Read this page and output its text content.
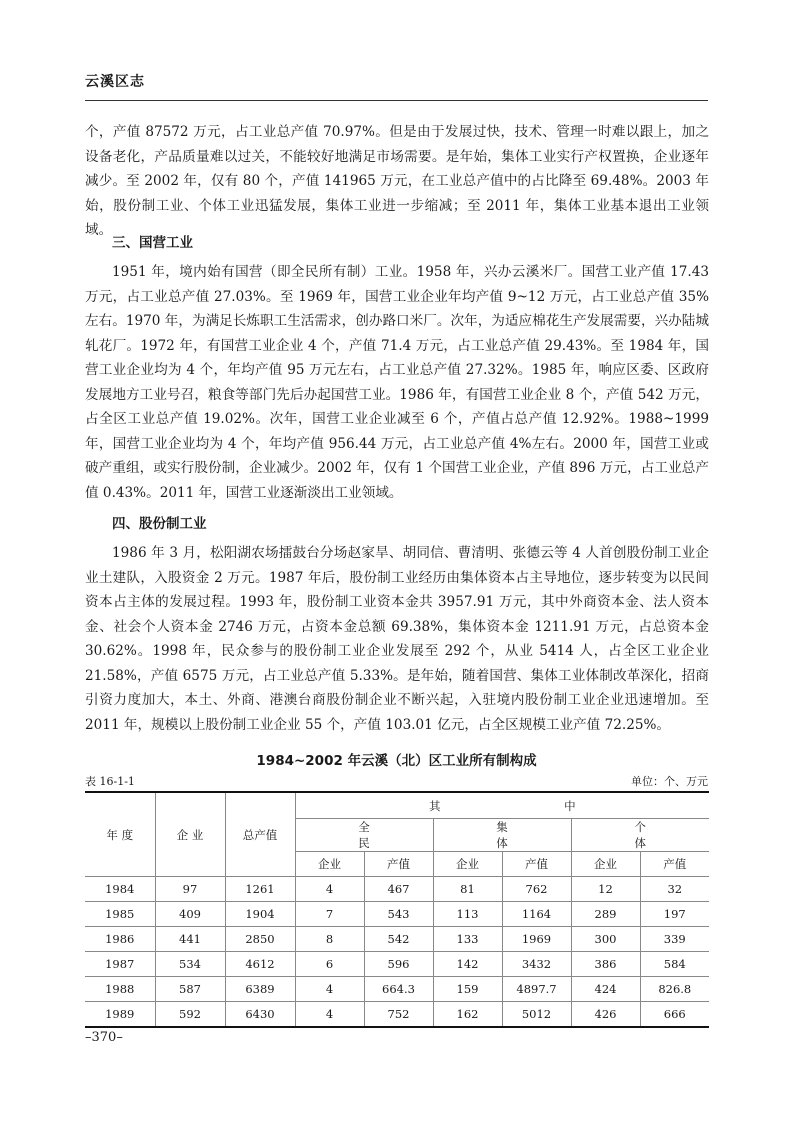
云溪区志
个，产值 87572 万元，占工业总产值 70.97%。但是由于发展过快，技术、管理一时难以跟上，加之设备老化，产品质量难以过关，不能较好地满足市场需要。是年始，集体工业实行产权置换，企业逐年减少。至 2002 年，仅有 80 个，产值 141965 万元，在工业总产值中的占比降至 69.48%。2003 年始，股份制工业、个体工业迅猛发展，集体工业进一步缩减；至 2011 年，集体工业基本退出工业领域。
三、国营工业
1951 年，境内始有国营（即全民所有制）工业。1958 年，兴办云溪米厂。国营工业产值 17.43 万元，占工业总产值 27.03%。至 1969 年，国营工业企业年均产值 9~12 万元，占工业总产值 35%左右。1970 年，为满足长炼职工生活需求，创办路口米厂。次年，为适应棉花生产发展需要，兴办陆城轧花厂。1972 年，有国营工业企业 4 个，产值 71.4 万元，占工业总产值 29.43%。至 1984 年，国营工业企业均为 4 个，年均产值 95 万元左右，占工业总产值 27.32%。1985 年，响应区委、区政府发展地方工业号召，粮食等部门先后办起国营工业。1986 年，有国营工业企业 8 个，产值 542 万元，占全区工业总产值 19.02%。次年，国营工业企业减至 6 个，产值占总产值 12.92%。1988~1999 年，国营工业企业均为 4 个，年均产值 956.44 万元，占工业总产值 4%左右。2000 年，国营工业或破产重组，或实行股份制，企业减少。2002 年，仅有 1 个国营工业企业，产值 896 万元，占工业总产值 0.43%。2011 年，国营工业逐渐淡出工业领域。
四、股份制工业
1986 年 3 月，松阳湖农场擂鼓台分场赵家旱、胡同信、曹清明、张德云等 4 人首创股份制工业企业土建队，入股资金 2 万元。1987 年后，股份制工业经历由集体资本占主导地位，逐步转变为以民间资本占主体的发展过程。1993 年，股份制工业资本金共 3957.91 万元，其中外商资本金、法人资本金、社会个人资本金 2746 万元，占资本金总额 69.38%，集体资本金 1211.91 万元，占总资本金 30.62%。1998 年，民众参与的股份制工业企业发展至 292 个，从业 5414 人，占全区工业企业 21.58%，产值 6575 万元，占工业总产值 5.33%。是年始，随着国营、集体工业体制改革深化，招商引资力度加大，本土、外商、港澳台商股份制企业不断兴起，入驻境内股份制工业企业迅速增加。至 2011 年，规模以上股份制工业企业 55 个，产值 103.01 亿元，占全区规模工业产值 72.25%。
1984~2002 年云溪（北）区工业所有制构成
表 16-1-1	单位：个、万元
年 度	企 业	总产值	其 中					
			全 民		集 体		个 体	
			企业	产值	企业	产值	企业	产值
1984	97	1261	4	467	81	762	12	32
1985	409	1904	7	543	113	1164	289	197
1986	441	2850	8	542	133	1969	300	339
1987	534	4612	6	596	142	3432	386	584
1988	587	6389	4	664.3	159	4897.7	424	826.8
1989	592	6430	4	752	162	5012	426	666
–370–
